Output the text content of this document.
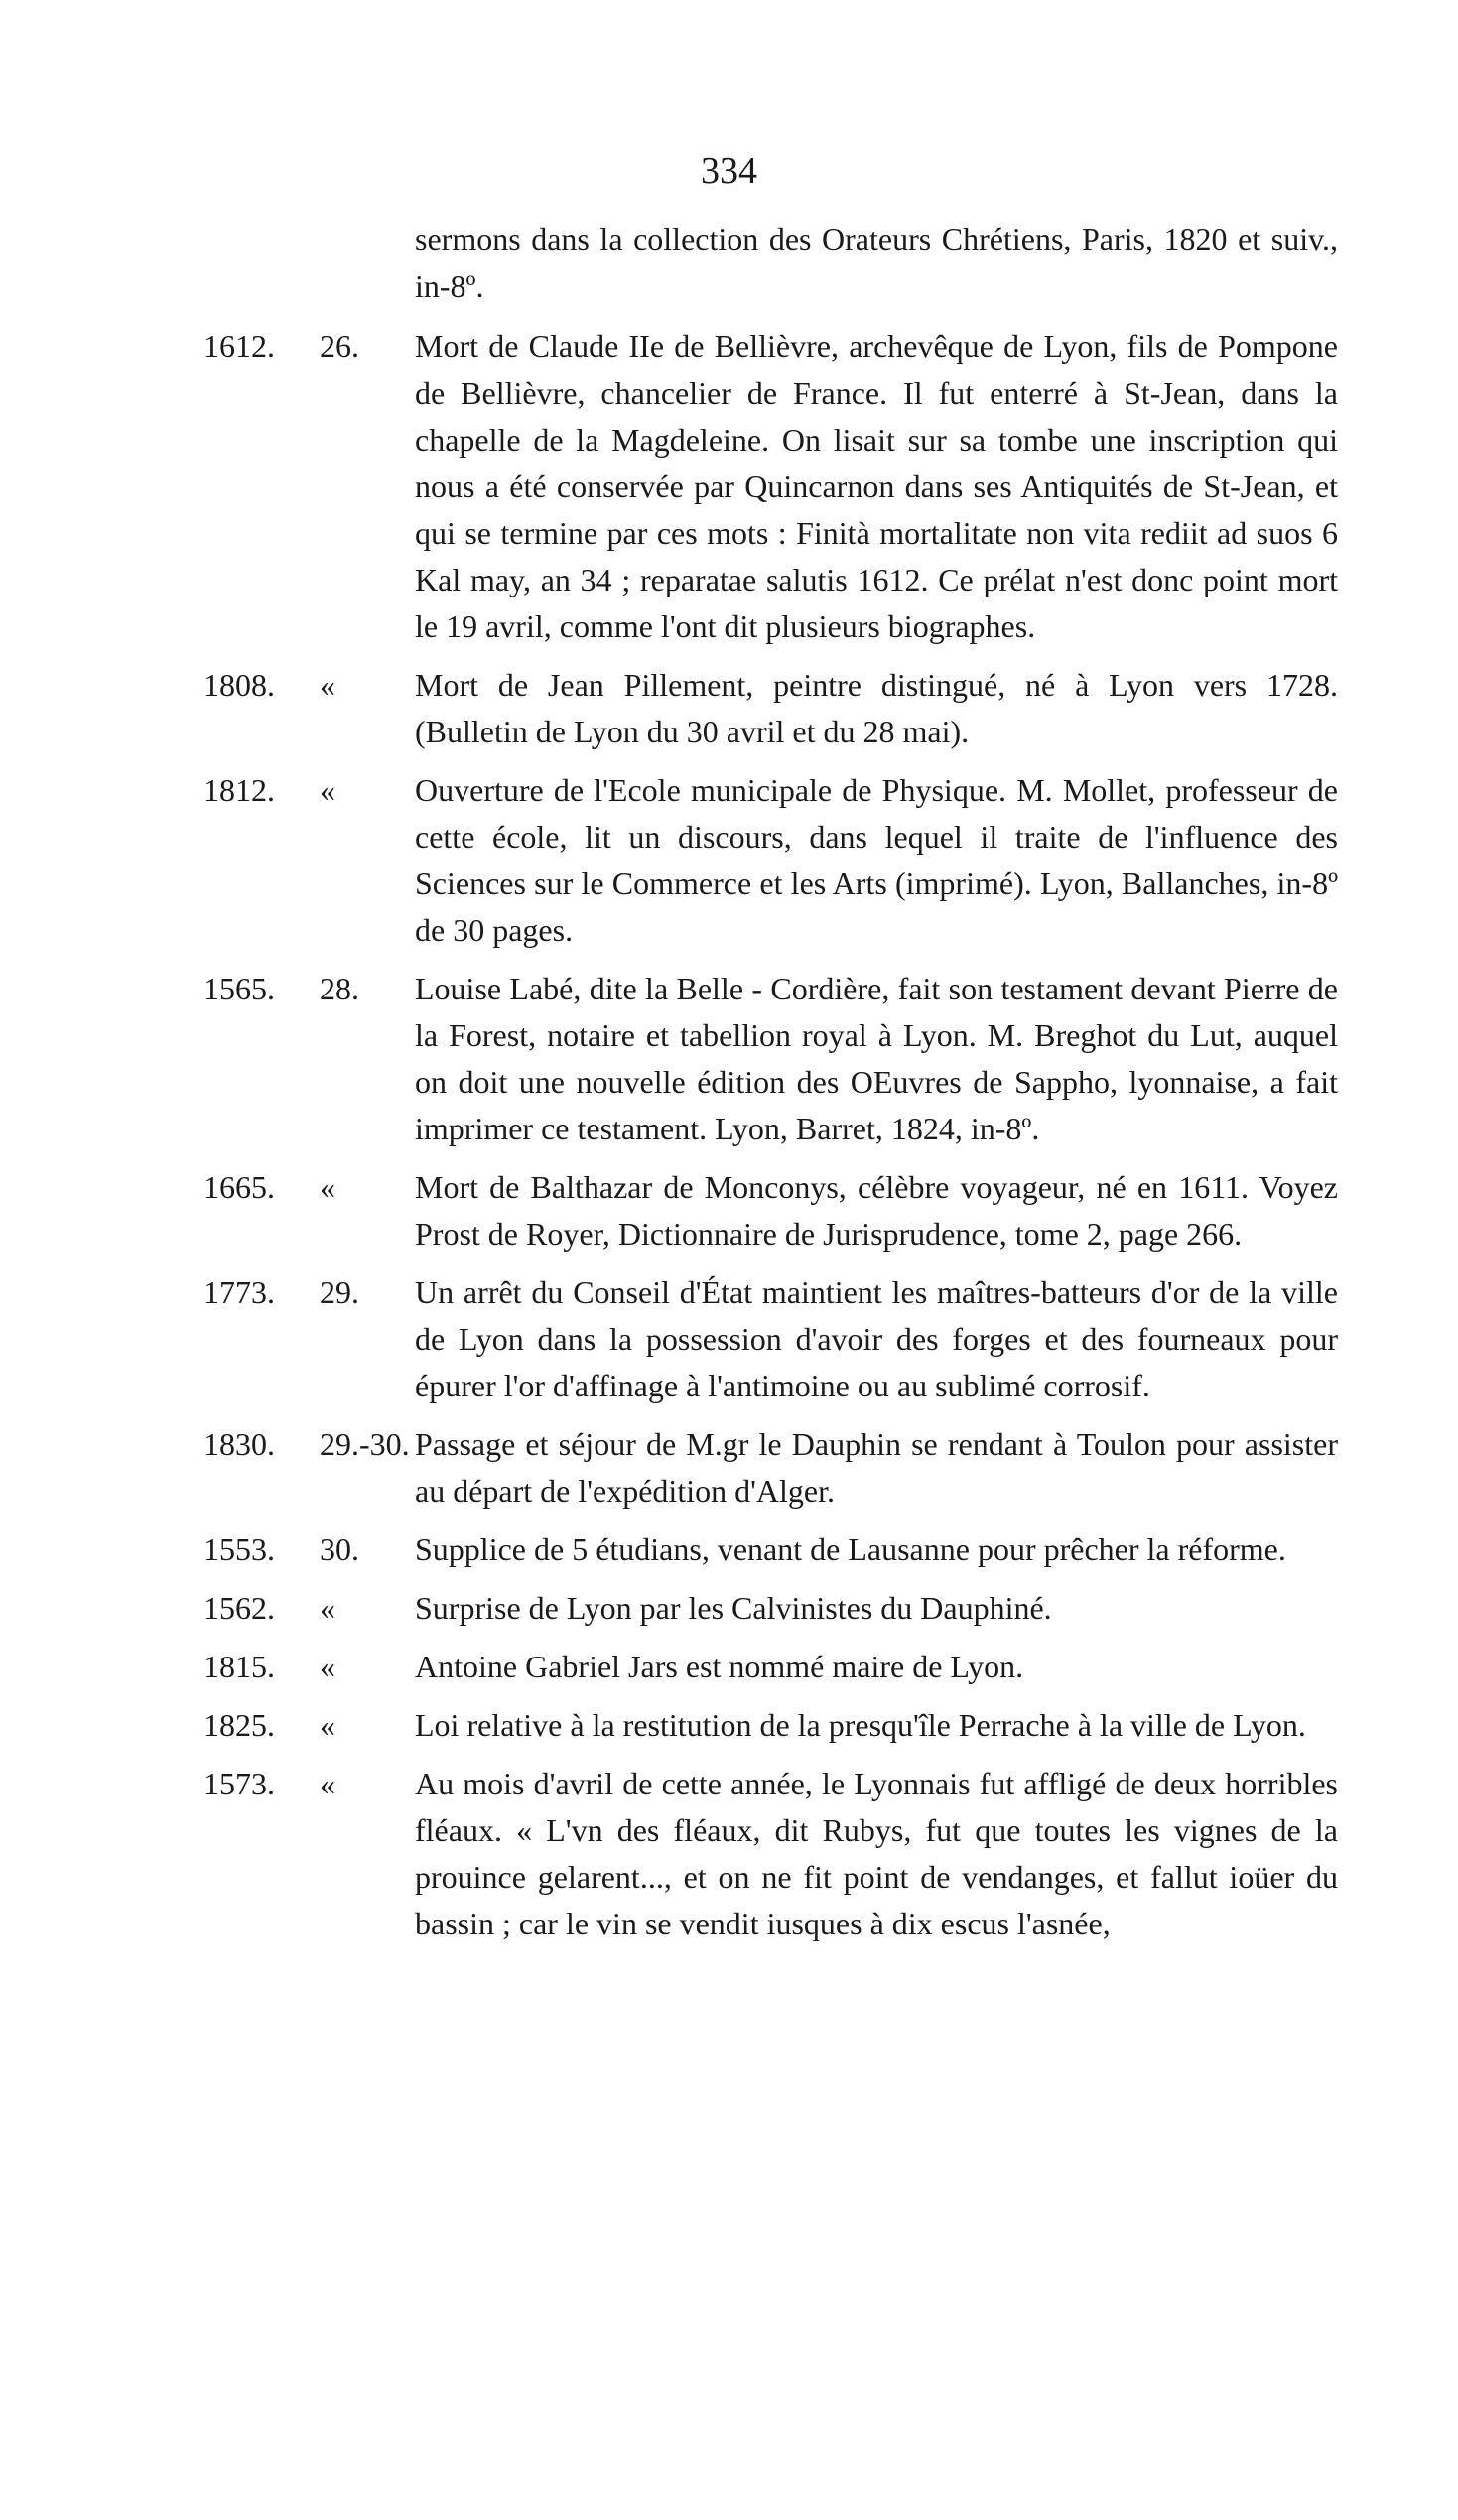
334
sermons dans la collection des Orateurs Chrétiens, Paris, 1820 et suiv., in-8º.
1612.	26.	Mort de Claude IIe de Bellièvre, archevêque de Lyon, fils de Pompone de Bellièvre, chancelier de France. Il fut enterré à St-Jean, dans la chapelle de la Magdeleine. On lisait sur sa tombe une inscription qui nous a été conservée par Quincarnon dans ses Antiquités de St-Jean, et qui se termine par ces mots : Finità mortalitate non vita rediit ad suos 6 Kal may, an 34 ; reparatae salutis 1612. Ce prélat n'est donc point mort le 19 avril, comme l'ont dit plusieurs biographes.
1808.	«	Mort de Jean Pillement, peintre distingué, né à Lyon vers 1728. (Bulletin de Lyon du 30 avril et du 28 mai).
1812.	«	Ouverture de l'Ecole municipale de Physique. M. Mollet, professeur de cette école, lit un discours, dans lequel il traite de l'influence des Sciences sur le Commerce et les Arts (imprimé). Lyon, Ballanches, in-8º de 30 pages.
1565.	28.	Louise Labé, dite la Belle - Cordière, fait son testament devant Pierre de la Forest, notaire et tabellion royal à Lyon. M. Breghot du Lut, auquel on doit une nouvelle édition des OEuvres de Sappho, lyonnaise, a fait imprimer ce testament. Lyon, Barret, 1824, in-8º.
1665.	«	Mort de Balthazar de Monconys, célèbre voyageur, né en 1611. Voyez Prost de Royer, Dictionnaire de Jurisprudence, tome 2, page 266.
1773.	29.	Un arrêt du Conseil d'État maintient les maîtres-batteurs d'or de la ville de Lyon dans la possession d'avoir des forges et des fourneaux pour épurer l'or d'affinage à l'antimoine ou au sublimé corrosif.
1830.	29.-30. Passage et séjour de M.gr le Dauphin se rendant à Toulon pour assister au départ de l'expédition d'Alger.
1553.	30.	Supplice de 5 étudians, venant de Lausanne pour prêcher la réforme.
1562.	«	Surprise de Lyon par les Calvinistes du Dauphiné.
1815.	«	Antoine Gabriel Jars est nommé maire de Lyon.
1825.	«	Loi relative à la restitution de la presqu'île Perrache à la ville de Lyon.
1573.	«	Au mois d'avril de cette année, le Lyonnais fut affligé de deux horribles fléaux. « L'vn des fléaux, dit Rubys, fut que toutes les vignes de la prouince gelarent..., et on ne fit point de vendanges, et fallut ioüer du bassin ; car le vin se vendit iusques à dix escus l'asnée,
